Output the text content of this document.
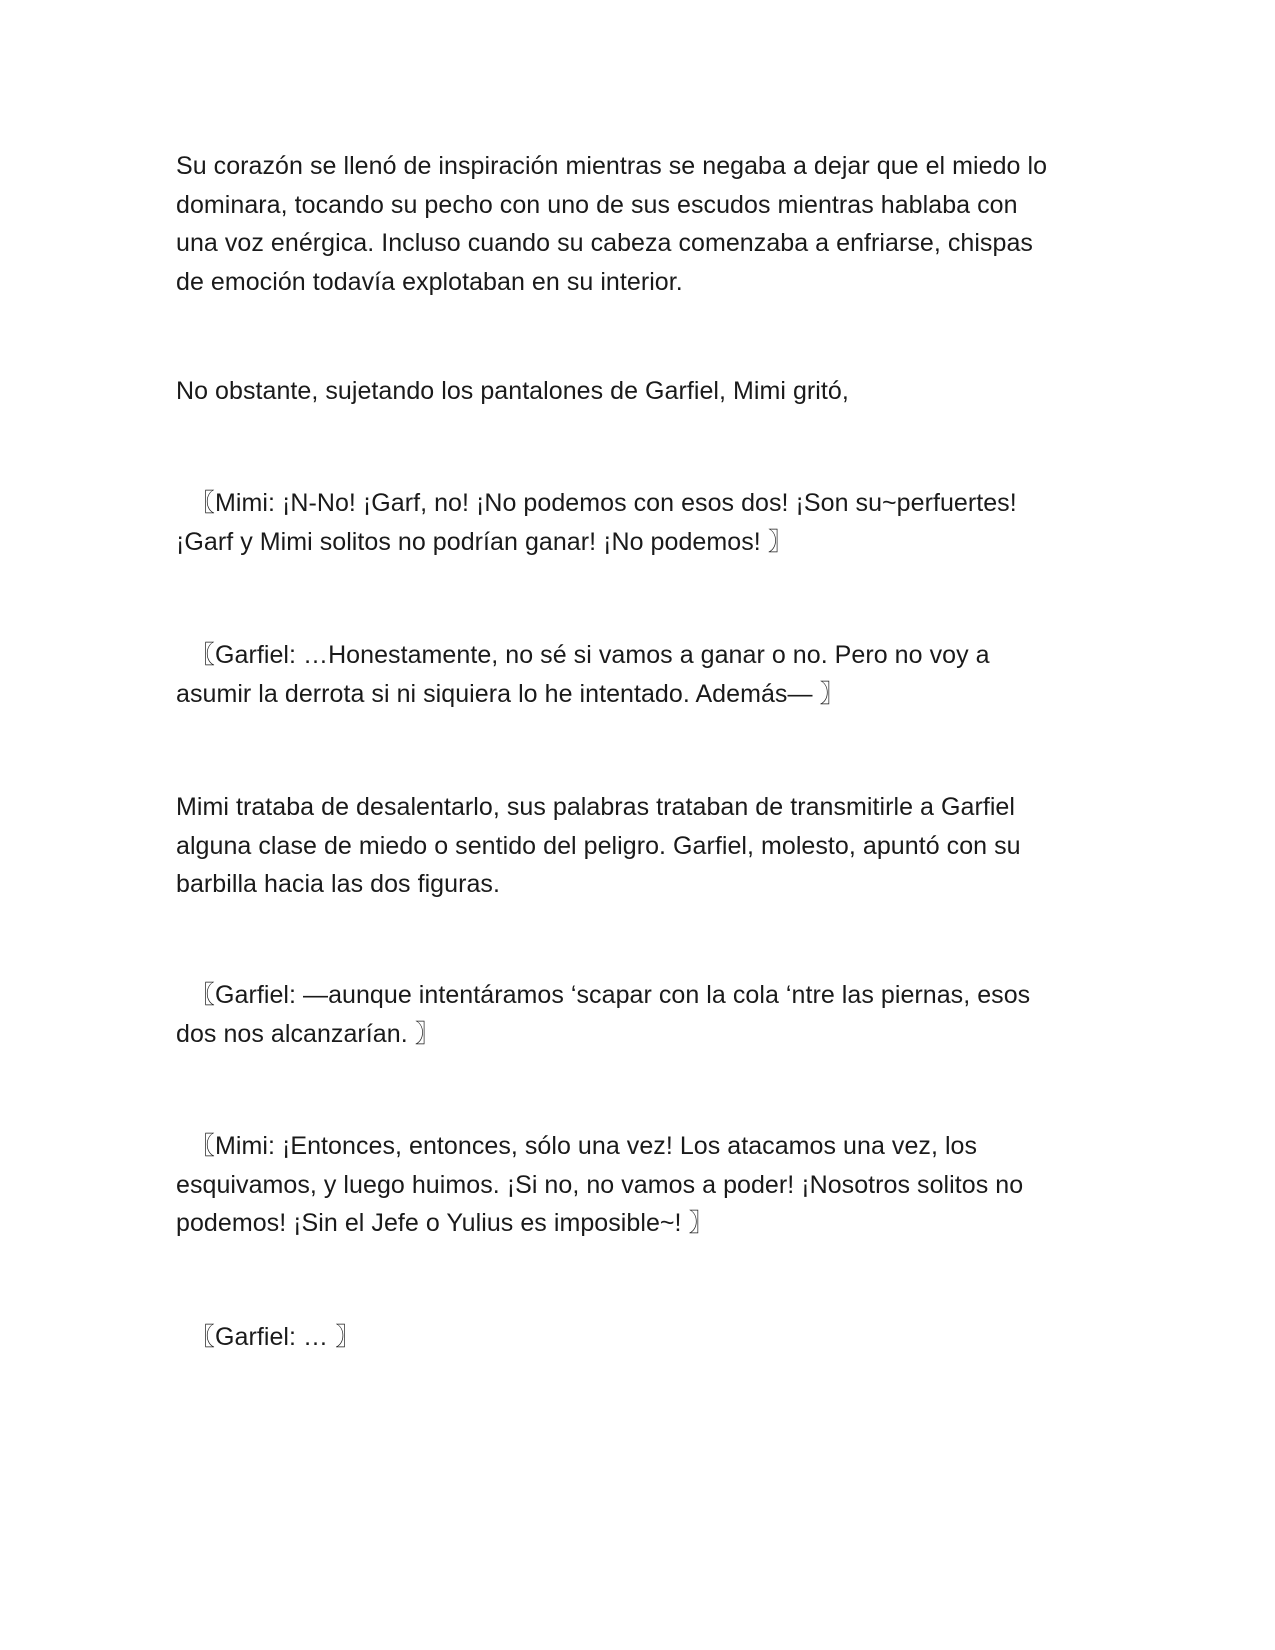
Su corazón se llenó de inspiración mientras se negaba a dejar que el miedo lo
dominara, tocando su pecho con uno de sus escudos mientras hablaba con
una voz enérgica. Incluso cuando su cabeza comenzaba a enfriarse, chispas
de emoción todavía explotaban en su interior.

No obstante, sujetando los pantalones de Garfiel, Mimi gritó,

〖Mimi: ¡N-No! ¡Garf, no! ¡No podemos con esos dos! ¡Son su~perfuertes!
¡Garf y Mimi solitos no podrían ganar! ¡No podemos! 〗

〖Garfiel: …Honestamente, no sé si vamos a ganar o no. Pero no voy a
asumir la derrota si ni siquiera lo he intentado. Además— 〗

Mimi trataba de desalentarlo, sus palabras trataban de transmitirle a Garfiel
alguna clase de miedo o sentido del peligro. Garfiel, molesto, apuntó con su
barbilla hacia las dos figuras.

〖Garfiel: —aunque intentáramos ‘scapar con la cola ‘ntre las piernas, esos
dos nos alcanzarían. 〗

〖Mimi: ¡Entonces, entonces, sólo una vez! Los atacamos una vez, los
esquivamos, y luego huimos. ¡Si no, no vamos a poder! ¡Nosotros solitos no
podemos! ¡Sin el Jefe o Yulius es imposible~! 〗

〖Garfiel: … 〗
